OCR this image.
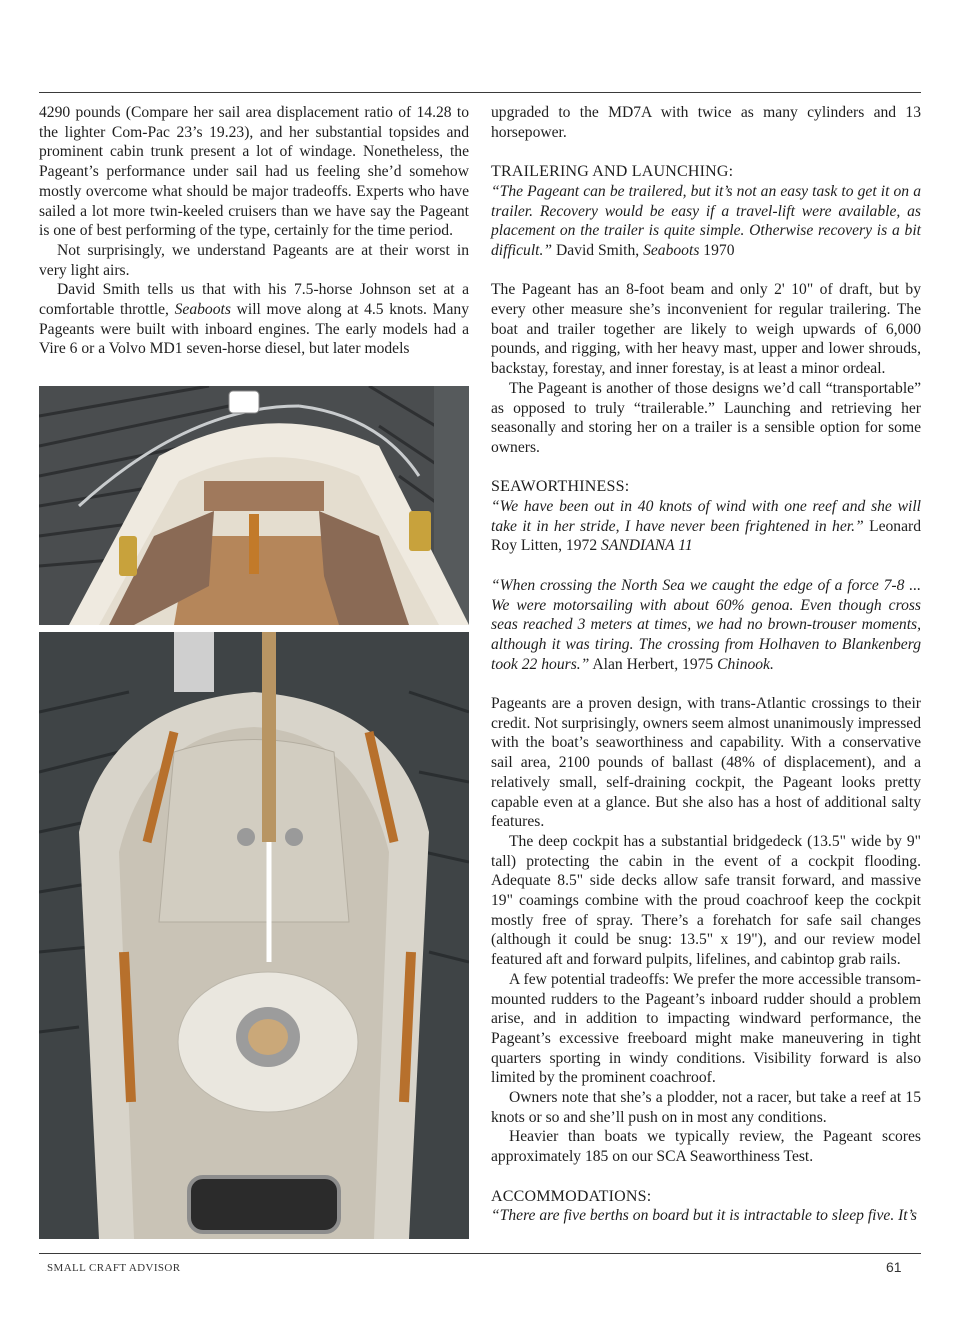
4290 pounds (Compare her sail area displacement ratio of 14.28 to the lighter Com-Pac 23’s 19.23), and her substantial topsides and prominent cabin trunk present a lot of windage. Nonetheless, the Pageant’s performance under sail had us feeling she’d somehow mostly overcome what should be major tradeoffs. Experts who have sailed a lot more twin-keeled cruisers than we have say the Pageant is one of best performing of the type, certainly for the time period.

Not surprisingly, we understand Pageants are at their worst in very light airs.

David Smith tells us that with his 7.5-horse Johnson set at a comfortable throttle, Seaboots will move along at 4.5 knots. Many Pageants were built with inboard engines. The early models had a Vire 6 or a Volvo MD1 seven-horse diesel, but later models

upgraded to the MD7A with twice as many cylinders and 13 horsepower.

TRAILERING AND LAUNCHING:

“The Pageant can be trailered, but it’s not an easy task to get it on a trailer. Recovery would be easy if a travel-lift were available, as placement on the trailer is quite simple. Otherwise recovery is a bit difficult.” David Smith, Seaboots 1970

The Pageant has an 8-foot beam and only 2' 10" of draft, but by every other measure she’s inconvenient for regular trailering. The boat and trailer together are likely to weigh upwards of 6,000 pounds, and rigging, with her heavy mast, upper and lower shrouds, backstay, forestay, and inner forestay, is at least a minor ordeal.

The Pageant is another of those designs we’d call “transportable” as opposed to truly “trailerable.” Launching and retrieving her seasonally and storing her on a trailer is a sensible option for some owners.

SEAWORTHINESS:

“We have been out in 40 knots of wind with one reef and she will take it in her stride, I have never been frightened in her.” Leonard Roy Litten, 1972 SANDIANA 11

“When crossing the North Sea we caught the edge of a force 7-8 ... We were motorsailing with about 60% genoa. Even though cross seas reached 3 meters at times, we had no brown-trouser moments, although it was tiring. The crossing from Holhaven to Blankenberg took 22 hours.” Alan Herbert, 1975 Chinook.

Pageants are a proven design, with trans-Atlantic crossings to their credit. Not surprisingly, owners seem almost unanimously impressed with the boat’s seaworthiness and capability. With a conservative sail area, 2100 pounds of ballast (48% of displacement), and a relatively small, self-draining cockpit, the Pageant looks pretty capable even at a glance. But she also has a host of additional salty features.

The deep cockpit has a substantial bridgedeck (13.5" wide by 9" tall) protecting the cabin in the event of a cockpit flooding. Adequate 8.5" side decks allow safe transit forward, and massive 19" coamings combine with the proud coachroof keep the cockpit mostly free of spray. There’s a forehatch for safe sail changes (although it could be snug: 13.5" x 19"), and our review model featured aft and forward pulpits, lifelines, and cabintop grab rails.

A few potential tradeoffs: We prefer the more accessible transom-mounted rudders to the Pageant’s inboard rudder should a problem arise, and in addition to impacting windward performance, the Pageant’s excessive freeboard might make maneuvering in tight quarters sporting in windy conditions. Visibility forward is also limited by the prominent coachroof.

Owners note that she’s a plodder, not a racer, but take a reef at 15 knots or so and she’ll push on in most any conditions.

Heavier than boats we typically review, the Pageant scores approximately 185 on our SCA Seaworthiness Test.

ACCOMMODATIONS:

“There are five berths on board but it is intractable to sleep five. It’s

SMALL CRAFT ADVISOR	61
